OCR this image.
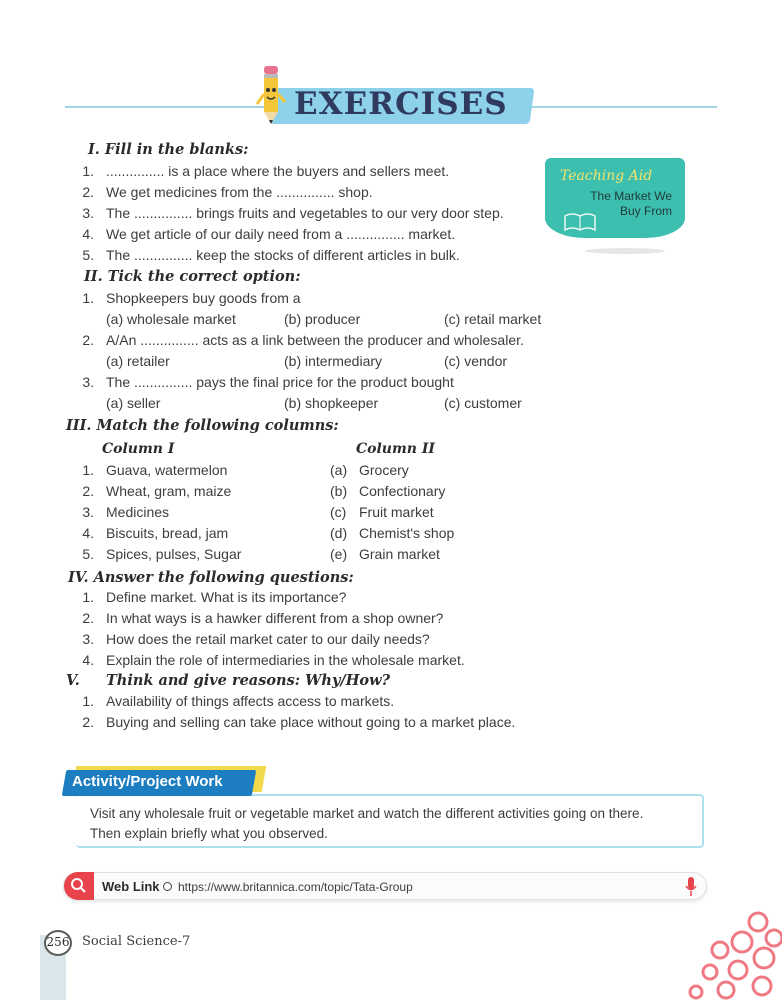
EXERCISES
Teaching Aid
The Market We
Buy From
I. Fill in the blanks:
1. ............... is a place where the buyers and sellers meet.
2. We get medicines from the ............... shop.
3. The ............... brings fruits and vegetables to our very door step.
4. We get article of our daily need from a ............... market.
5. The ............... keep the stocks of different articles in bulk.
II. Tick the correct option:
1. Shopkeepers buy goods from a
(a) wholesale market	(b) producer	(c) retail market
2. A/An ............... acts as a link between the producer and wholesaler.
(a) retailer	(b) intermediary	(c) vendor
3. The ............... pays the final price for the product bought
(a) seller	(b) shopkeeper	(c) customer
III. Match the following columns:
Column I	Column II
1. Guava, watermelon	(a) Grocery
2. Wheat, gram, maize	(b) Confectionary
3. Medicines	(c) Fruit market
4. Biscuits, bread, jam	(d) Chemist's shop
5. Spices, pulses, Sugar	(e) Grain market
IV. Answer the following questions:
1. Define market. What is its importance?
2. In what ways is a hawker different from a shop owner?
3. How does the retail market cater to our daily needs?
4. Explain the role of intermediaries in the wholesale market.
V. Think and give reasons: Why/How?
1. Availability of things affects access to markets.
2. Buying and selling can take place without going to a market place.
Activity/Project Work
Visit any wholesale fruit or vegetable market and watch the different activities going on there.
Then explain briefly what you observed.
Web Link https://www.britannica.com/topic/Tata-Group
256 Social Science-7
